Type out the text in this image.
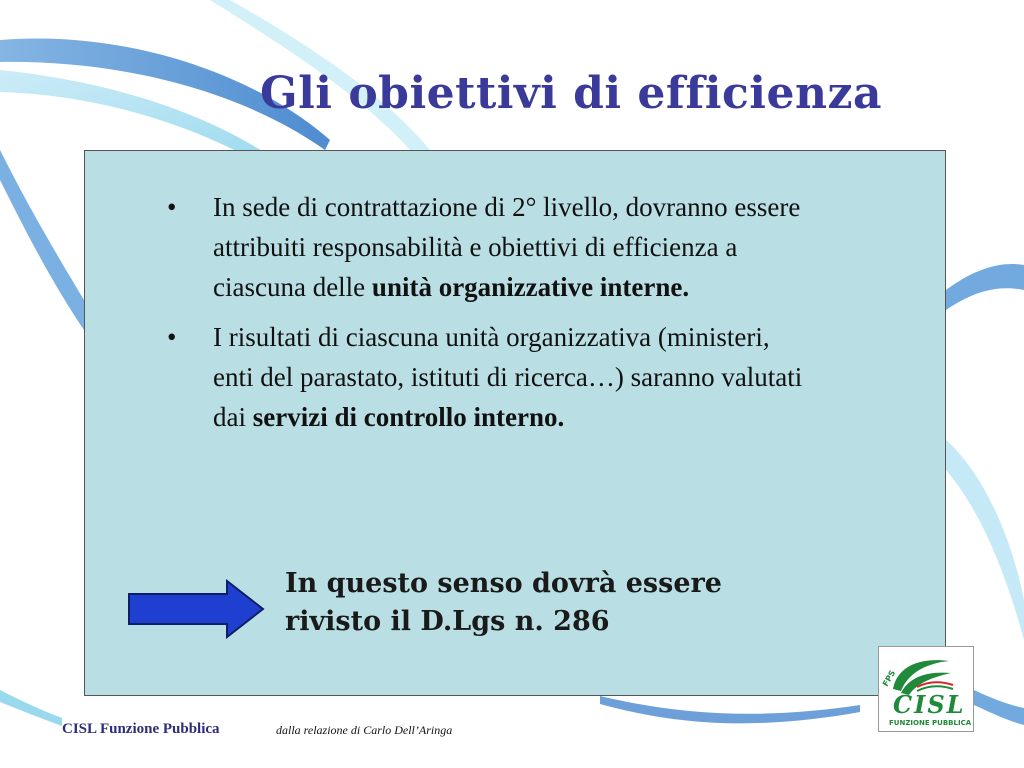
Gli obiettivi di efficienza
• In sede di contrattazione di 2° livello, dovranno essere attribuiti responsabilità e obiettivi di efficienza a ciascuna delle unità organizzative interne.
• I risultati di ciascuna unità organizzativa (ministeri, enti del parastato, istituti di ricerca…) saranno valutati dai servizi di controllo interno.

In questo senso dovrà essere rivisto il D.Lgs n. 286

FPS
CISL
FUNZIONE PUBBLICA
CISL Funzione Pubblica	dalla relazione di Carlo Dell’Aringa
